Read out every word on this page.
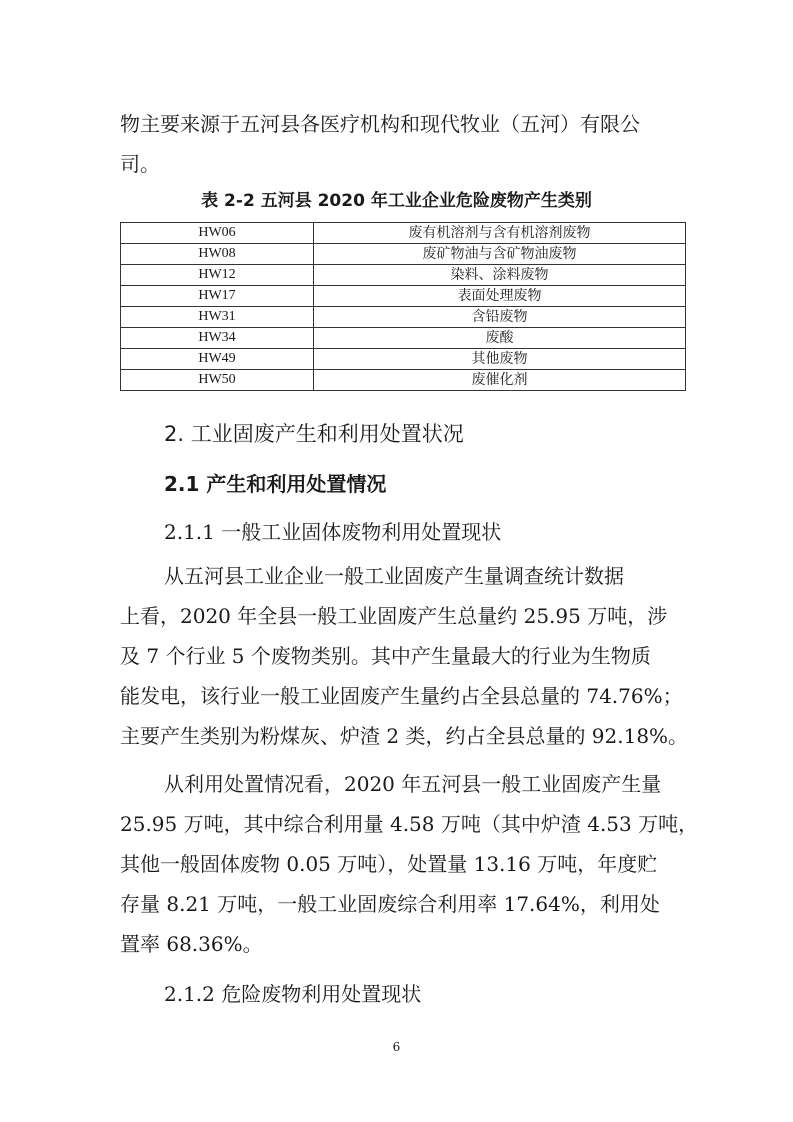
物主要来源于五河县各医疗机构和现代牧业（五河）有限公
司。
表 2-2 五河县 2020 年工业企业危险废物产生类别
HW06	废有机溶剂与含有机溶剂废物
HW08	废矿物油与含矿物油废物
HW12	染料、涂料废物
HW17	表面处理废物
HW31	含铅废物
HW34	废酸
HW49	其他废物
HW50	废催化剂
2. 工业固废产生和利用处置状况
2.1 产生和利用处置情况
2.1.1 一般工业固体废物利用处置现状
从五河县工业企业一般工业固废产生量调查统计数据
上看，2020 年全县一般工业固废产生总量约 25.95 万吨，涉
及 7 个行业 5 个废物类别。其中产生量最大的行业为生物质
能发电，该行业一般工业固废产生量约占全县总量的 74.76%；
主要产生类别为粉煤灰、炉渣 2 类，约占全县总量的 92.18%。
从利用处置情况看，2020 年五河县一般工业固废产生量
25.95 万吨，其中综合利用量 4.58 万吨（其中炉渣 4.53 万吨，
其他一般固体废物 0.05 万吨），处置量 13.16 万吨，年度贮
存量 8.21 万吨，一般工业固废综合利用率 17.64%，利用处
置率 68.36%。
2.1.2 危险废物利用处置现状
6
